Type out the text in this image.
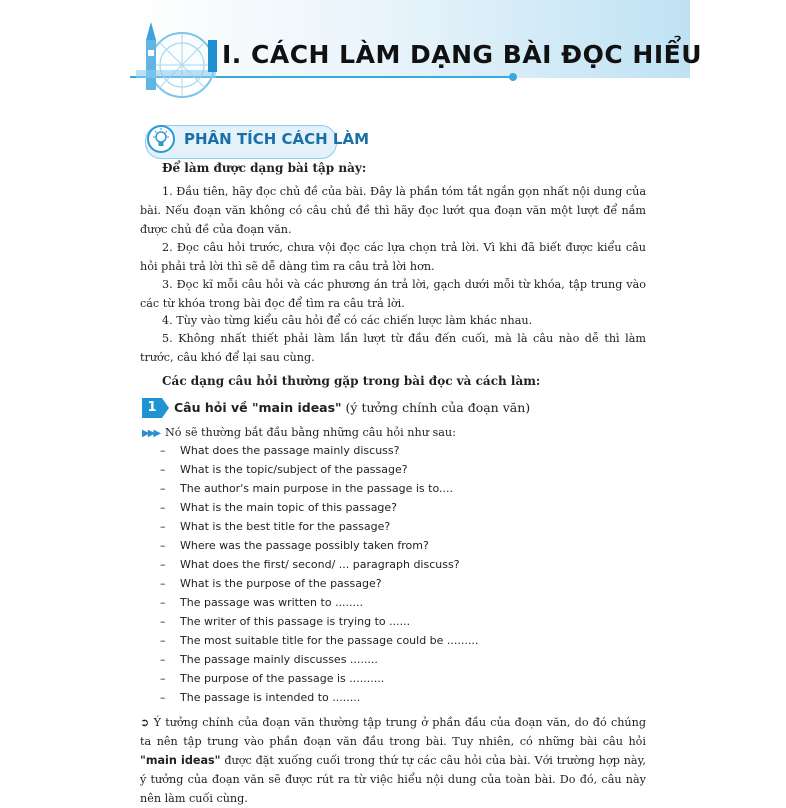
I. CÁCH LÀM DẠNG BÀI ĐỌC HIỂU
PHÂN TÍCH CÁCH LÀM
Để làm được dạng bài tập này:
1. Đầu tiên, hãy đọc chủ đề của bài. Đây là phần tóm tắt ngắn gọn nhất nội dung của bài. Nếu đoạn văn không có câu chủ đề thì hãy đọc lướt qua đoạn văn một lượt để nắm được chủ đề của đoạn văn.
2. Đọc câu hỏi trước, chưa vội đọc các lựa chọn trả lời. Vì khi đã biết được kiểu câu hỏi phải trả lời thì sẽ dễ dàng tìm ra câu trả lời hơn.
3. Đọc kĩ mỗi câu hỏi và các phương án trả lời, gạch dưới mỗi từ khóa, tập trung vào các từ khóa trong bài đọc để tìm ra câu trả lời.
4. Tùy vào từng kiểu câu hỏi để có các chiến lược làm khác nhau.
5. Không nhất thiết phải làm lần lượt từ đầu đến cuối, mà là câu nào dễ thì làm trước, câu khó để lại sau cùng.
Các dạng câu hỏi thường gặp trong bài đọc và cách làm:
1	Câu hỏi về "main ideas" (ý tưởng chính của đoạn văn)
▶▶▶ Nó sẽ thường bắt đầu bằng những câu hỏi như sau:
– What does the passage mainly discuss?
– What is the topic/subject of the passage?
– The author's main purpose in the passage is to....
– What is the main topic of this passage?
– What is the best title for the passage?
– Where was the passage possibly taken from?
– What does the first/ second/ ... paragraph discuss?
– What is the purpose of the passage?
– The passage was written to ........
– The writer of this passage is trying to ......
– The most suitable title for the passage could be .........
– The passage mainly discusses ........
– The purpose of the passage is ..........
– The passage is intended to ........
➲ Ý tưởng chính của đoạn văn thường tập trung ở phần đầu của đoạn văn, do đó chúng ta nên tập trung vào phần đoạn văn đầu trong bài. Tuy nhiên, có những bài câu hỏi "main ideas" được đặt xuống cuối trong thứ tự các câu hỏi của bài. Với trường hợp này, ý tưởng của đoạn văn sẽ được rút ra từ việc hiểu nội dung của toàn bài. Do đó, câu này nên làm cuối cùng.
